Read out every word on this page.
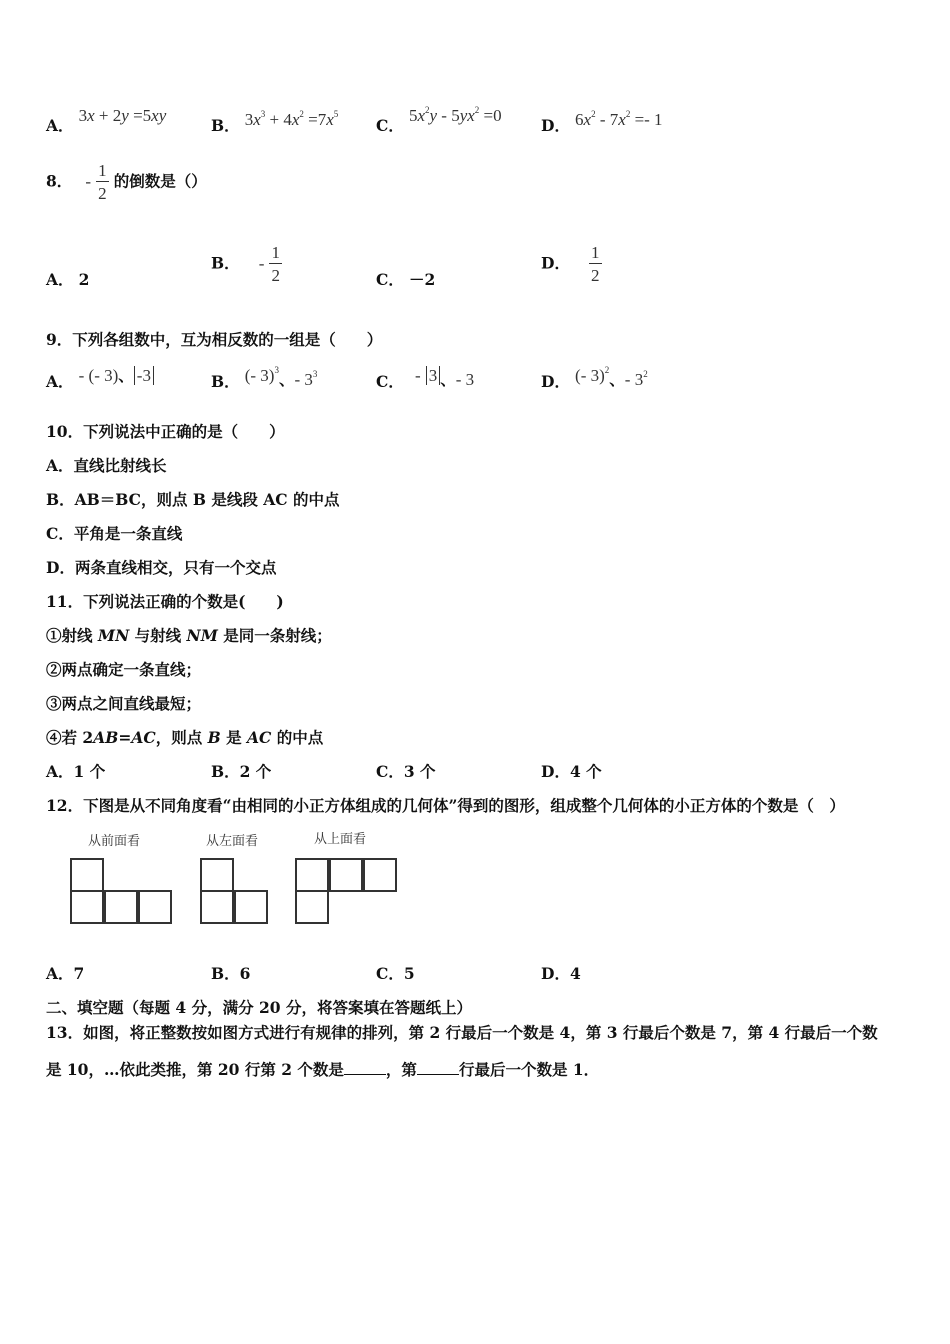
A． 3x + 2y =5xy
B． $3x^3 + 4x^2 =7x^5$
C． $5x^2y - 5yx^2 =0$
D． $6x^2 - 7x^2 =- 1$
8． - $\frac{1}{2}$ 的倒数是（）
A． 2
B． - $\frac{1}{2}$	C． －2
D． $\frac{1}{2}$
9．下列各组数中，互为相反数的一组是（　　）
A． - (- 3)、 -3	B． (- 3)$^3$、- $3^3$	C． - 3 、- 3	D． (- 3)$^2$、- $3^2$
10．下列说法中正确的是（　　）
A．直线比射线长
B．AB＝BC，则点 B 是线段 AC 的中点
C．平角是一条直线
D．两条直线相交，只有一个交点
11．下列说法正确的个数是(　　)
①射线 MN 与射线 NM 是同一条射线；
②两点确定一条直线；
③两点之间直线最短；
④若 2AB=AC，则点 B 是 AC 的中点
A．1 个	B．2 个	C．3 个	D．4 个
12．下图是从不同角度看“由相同的小正方体组成的几何体”得到的图形，组成整个几何体的小正方体的个数是（　）
从前面看	从左面看	从上面看
A．7	B．6	C．5	D．4
二、填空题（每题 4 分，满分 20 分，将答案填在答题纸上）
13．如图，将正整数按如图方式进行有规律的排列，第 2 行最后一个数是 4，第 3 行最后个数是 7，第 4 行最后一个数
是 10，…依此类推，第 20 行第 2 个数是	，第	行最后一个数是 1．
